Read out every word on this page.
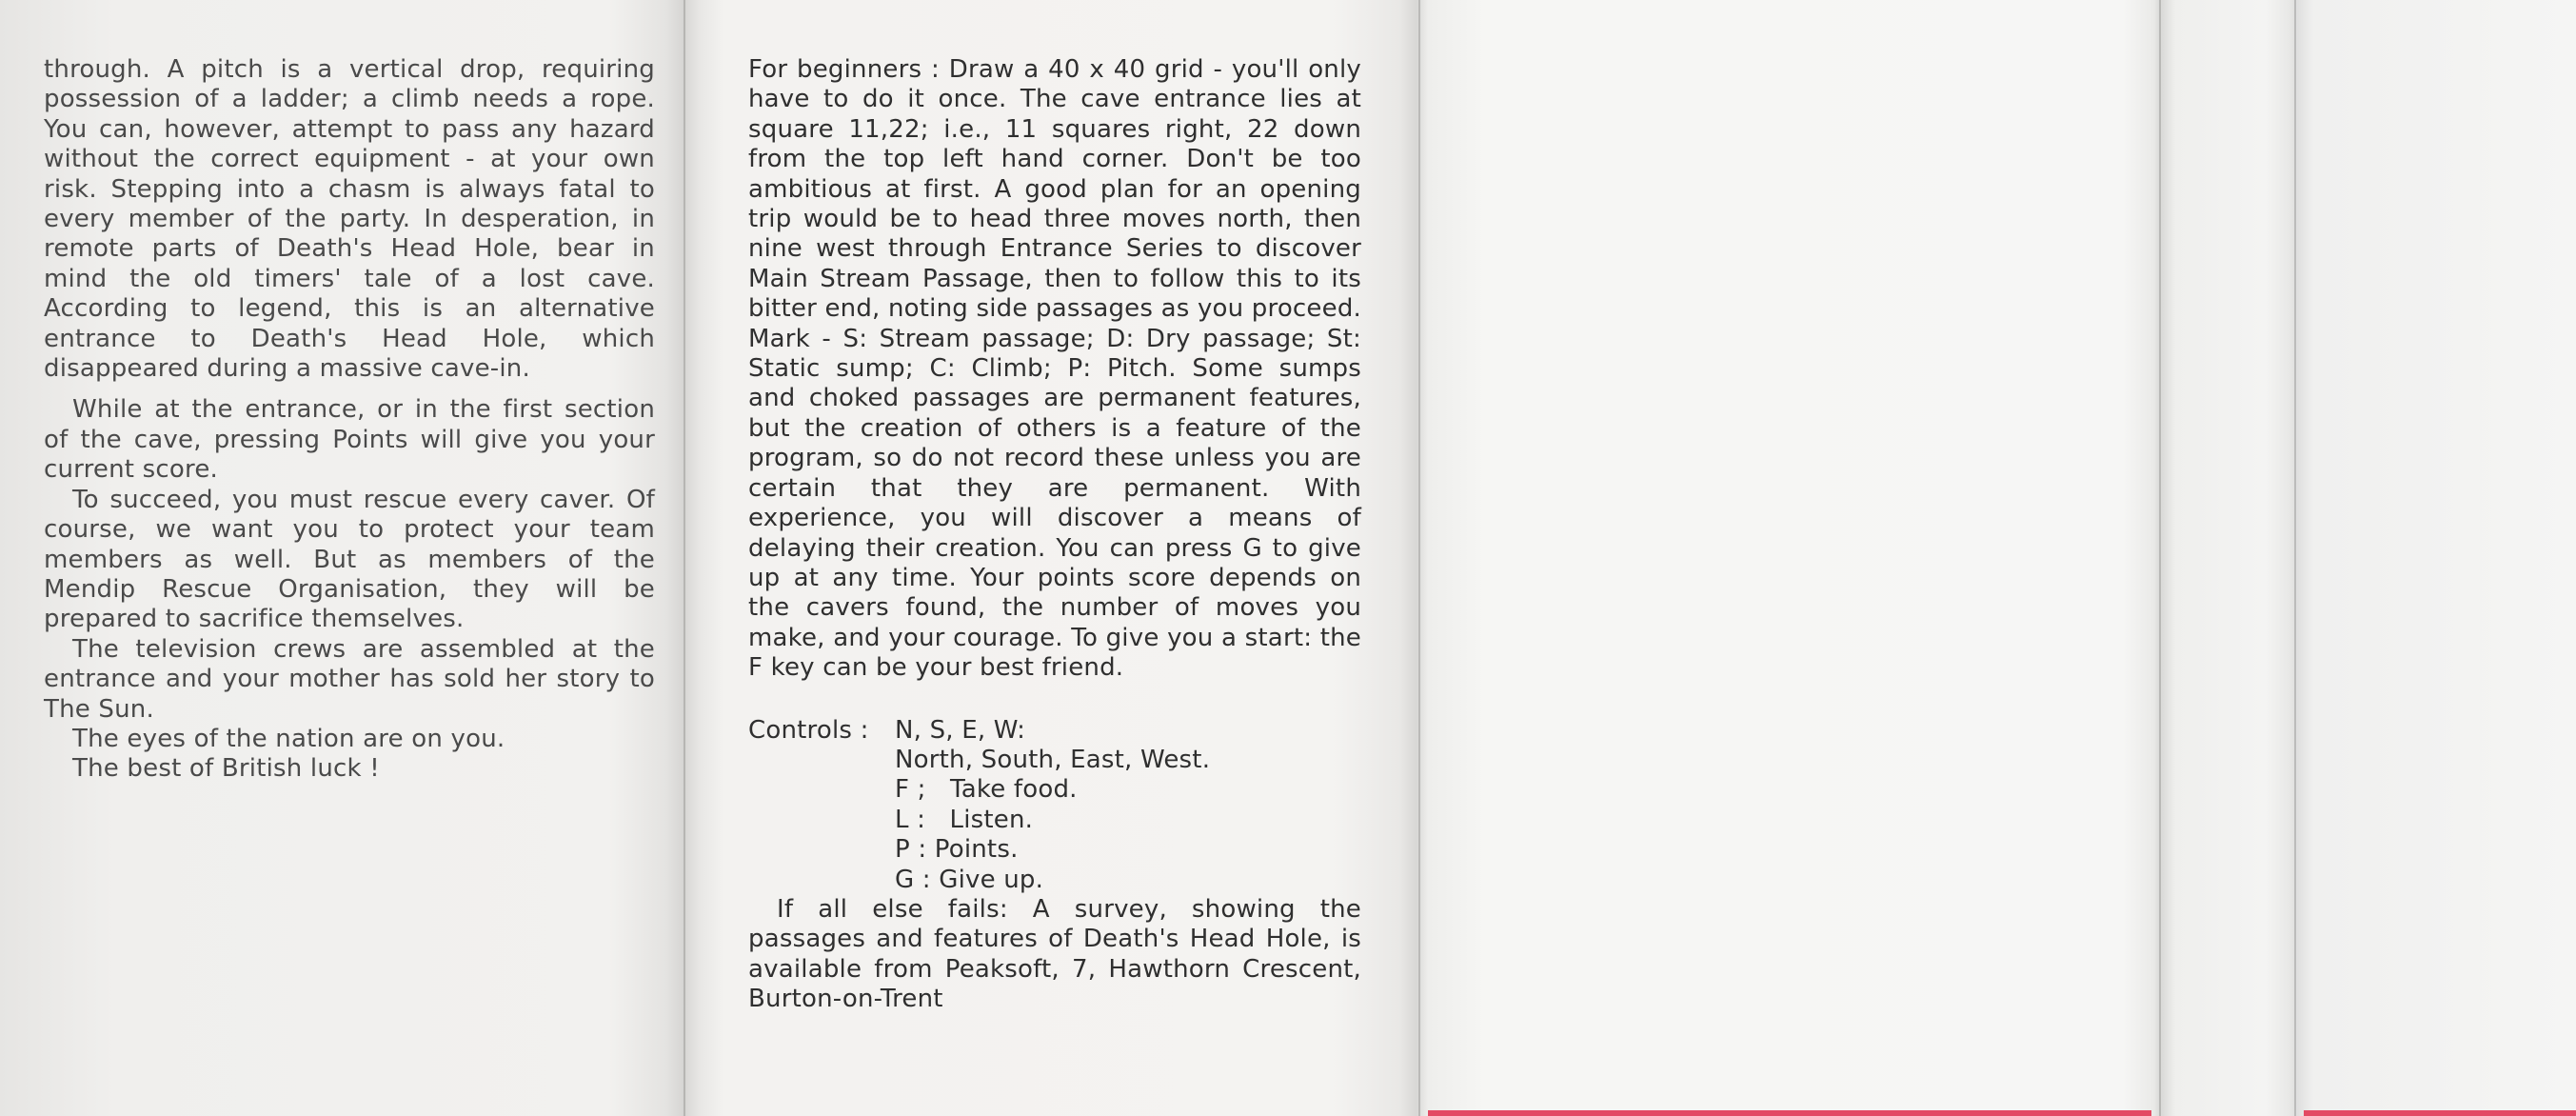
through. A pitch is a vertical drop, requiring possession of a ladder; a climb needs a rope. You can, however, attempt to pass any hazard without the correct equipment - at your own risk. Stepping into a chasm is always fatal to every member of the party. In desperation, in remote parts of Death's Head Hole, bear in mind the old timers' tale of a lost cave. According to legend, this is an alternative entrance to Death's Head Hole, which disappeared during a massive cave-in.

While at the entrance, or in the first section of the cave, pressing Points will give you your current score.

To succeed, you must rescue every caver. Of course, we want you to protect your team members as well. But as members of the Mendip Rescue Organisation, they will be prepared to sacrifice themselves.

The television crews are assembled at the entrance and your mother has sold her story to The Sun.

The eyes of the nation are on you.

The best of British luck !

For beginners : Draw a 40 x 40 grid - you'll only have to do it once. The cave entrance lies at square 11,22; i.e., 11 squares right, 22 down from the top left hand corner. Don't be too ambitious at first. A good plan for an opening trip would be to head three moves north, then nine west through Entrance Series to discover Main Stream Passage, then to follow this to its bitter end, noting side passages as you proceed. Mark - S: Stream passage; D: Dry passage; St: Static sump; C: Climb; P: Pitch. Some sumps and choked passages are permanent features, but the creation of others is a feature of the program, so do not record these unless you are certain that they are permanent. With experience, you will discover a means of delaying their creation. You can press G to give up at any time. Your points score depends on the cavers found, the number of moves you make, and your courage. To give you a start: the F key can be your best friend.

Controls :	N, S, E, W:
North, South, East, West.
F ;   Take food.
L :   Listen.
P : Points.
G : Give up.

If all else fails: A survey, showing the passages and features of Death's Head Hole, is available from Peaksoft, 7, Hawthorn Crescent, Burton-on-Trent
